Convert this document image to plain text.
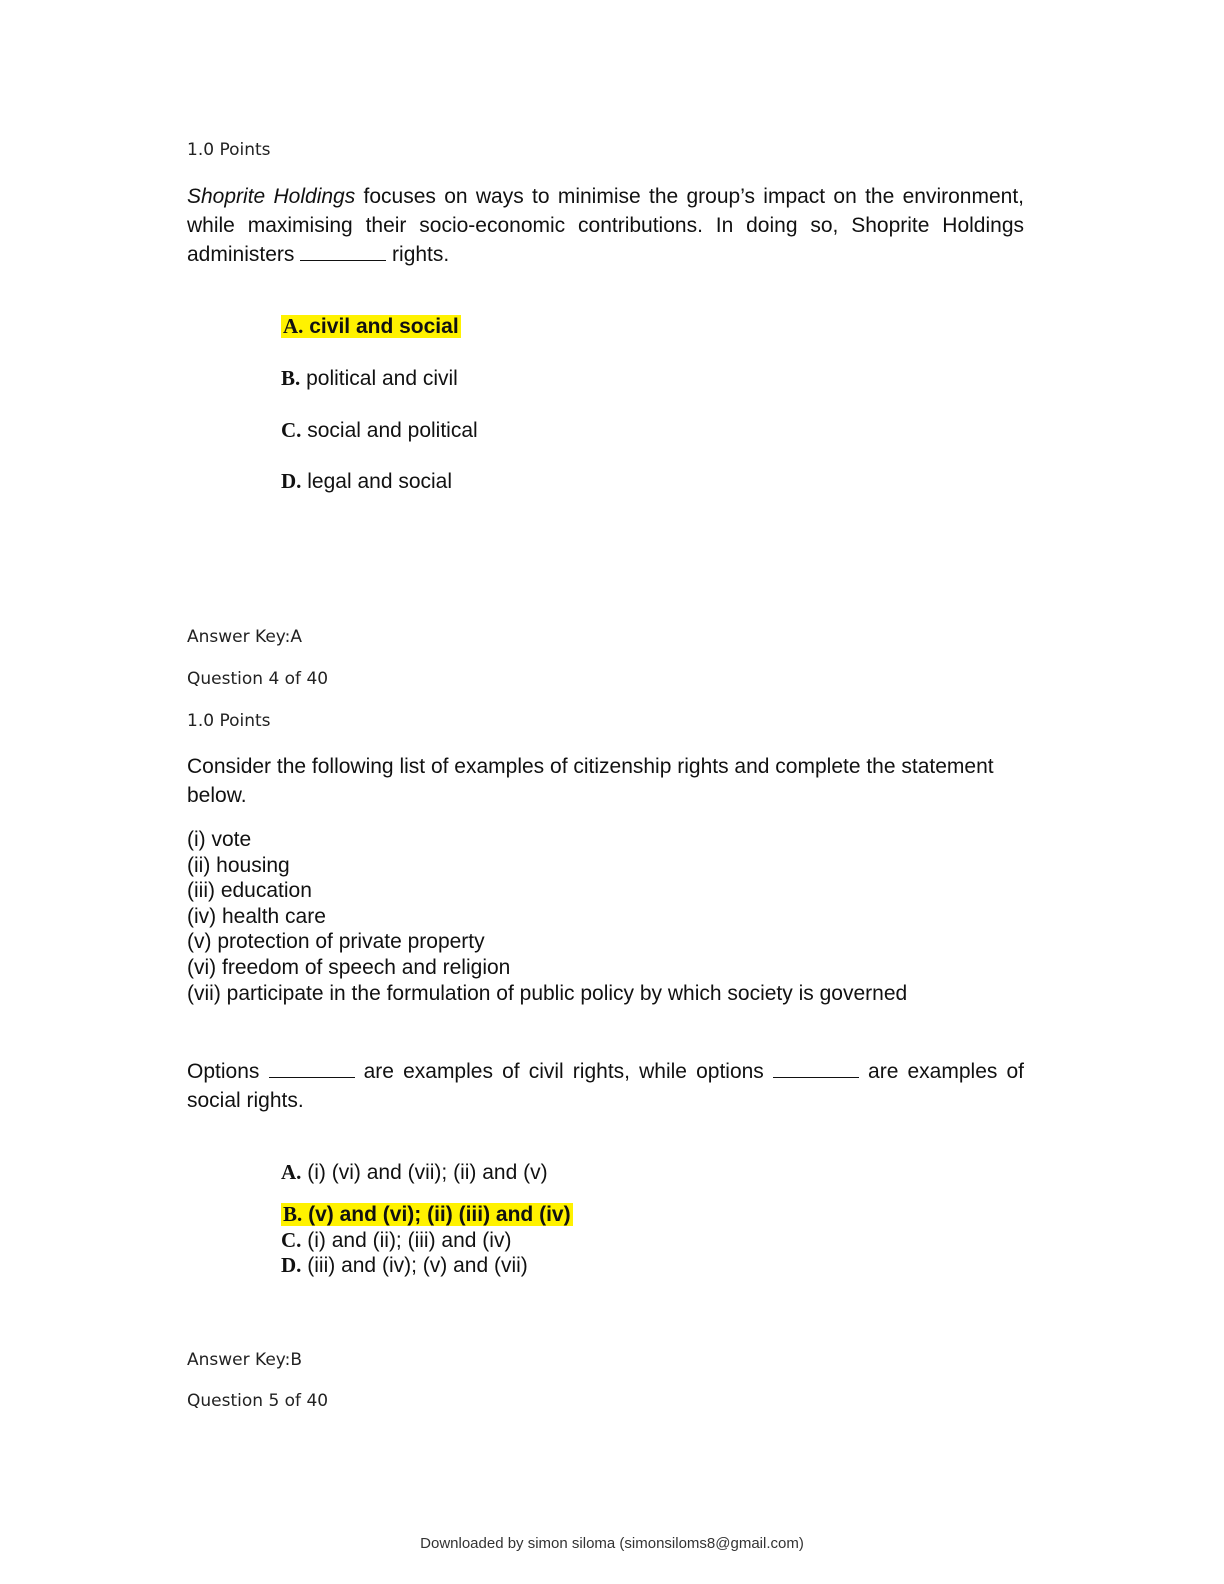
1.0 Points

Shoprite Holdings focuses on ways to minimise the group’s impact on the environment, while maximising their socio-economic contributions. In doing so, Shoprite Holdings administers	rights.

A. civil and social
B. political and civil
C. social and political
D. legal and social
Answer Key:A
Question 4 of 40
1.0 Points
Consider the following list of examples of citizenship rights and complete the statement below.
(i) vote
(ii) housing
(iii) education
(iv) health care
(v) protection of private property
(vi) freedom of speech and religion
(vii) participate in the formulation of public policy by which society is governed

Options	are examples of civil rights, while options	are examples of social rights.

A. (i) (vi) and (vii); (ii) and (v)
B. (v) and (vi); (ii) (iii) and (iv)
C. (i) and (ii); (iii) and (iv)
D. (iii) and (iv); (v) and (vii)
Answer Key:B
Question 5 of 40
Downloaded by simon siloma (simonsiloms8@gmail.com)
